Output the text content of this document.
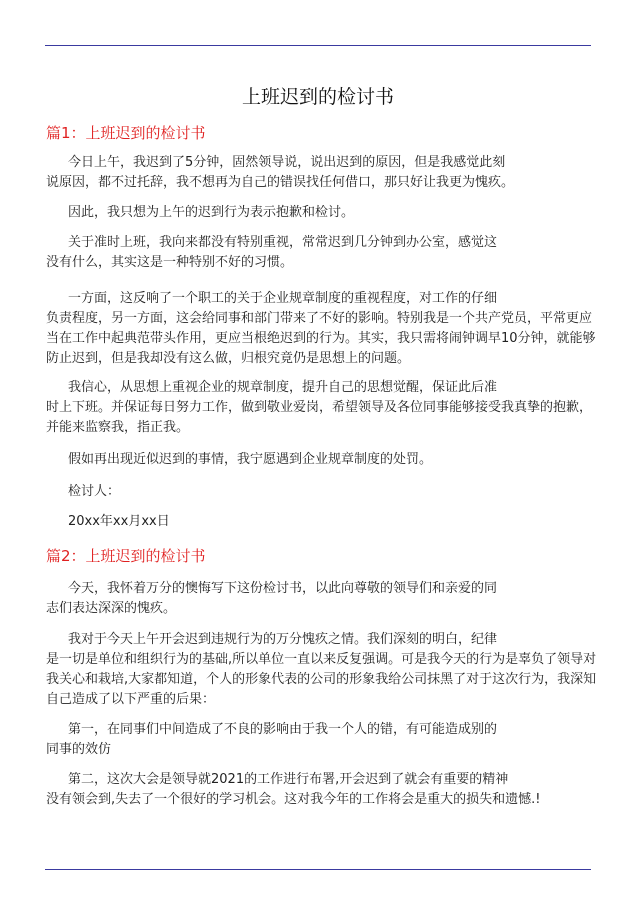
上班迟到的检讨书
篇1：上班迟到的检讨书
今日上午，我迟到了5分钟，固然领导说，说出迟到的原因，但是我感觉此刻
说原因，都不过托辞，我不想再为自己的错误找任何借口，那只好让我更为愧疚。
因此，我只想为上午的迟到行为表示抱歉和检讨。
关于准时上班，我向来都没有特别重视，常常迟到几分钟到办公室，感觉这
没有什么，其实这是一种特别不好的习惯。
一方面，这反响了一个职工的关于企业规章制度的重视程度，对工作的仔细
负责程度，另一方面，这会给同事和部门带来了不好的影响。特别我是一个共产党员，平常更应
当在工作中起典范带头作用，更应当根绝迟到的行为。其实，我只需将闹钟调早10分钟，就能够
防止迟到，但是我却没有这么做，归根究竟仍是思想上的问题。
我信心，从思想上重视企业的规章制度，提升自己的思想觉醒，保证此后准
时上下班。并保证每日努力工作，做到敬业爱岗，希望领导及各位同事能够接受我真挚的抱歉，
并能来监察我，指正我。
假如再出现近似迟到的事情，我宁愿遇到企业规章制度的处罚。
检讨人：
20xx年xx月xx日
篇2：上班迟到的检讨书
今天，我怀着万分的懊悔写下这份检讨书，以此向尊敬的领导们和亲爱的同
志们表达深深的愧疚。
我对于今天上午开会迟到违规行为的万分愧疚之情。我们深刻的明白，纪律
是一切是单位和组织行为的基础,所以单位一直以来反复强调。可是我今天的行为是辜负了领导对
我关心和栽培,大家都知道，个人的形象代表的公司的形象我给公司抹黑了对于这次行为，我深知
自己造成了以下严重的后果：
第一，在同事们中间造成了不良的影响由于我一个人的错，有可能造成别的
同事的效仿
第二，这次大会是领导就2021的工作进行布署,开会迟到了就会有重要的精神
没有领会到,失去了一个很好的学习机会。这对我今年的工作将会是重大的损失和遗憾.!
